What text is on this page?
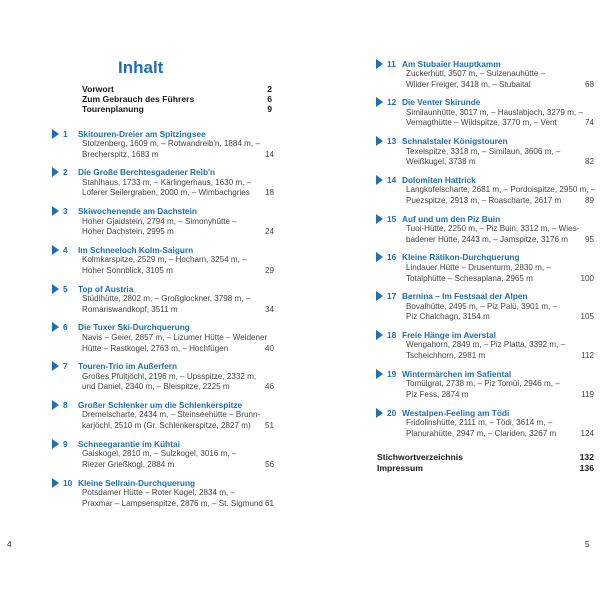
Inhalt
Vorwort	2
Zum Gebrauch des Führers	6
Tourenplanung	9
1	Skitouren-Dreier am Spitzingsee
Stolzenberg, 1609 m, – Rotwandreib'n, 1884 m, –
Brecherspitz, 1683 m	14
2	Die Große Berchtesgadener Reib'n
Stahlhaus, 1733 m, – Kärlingerhaus, 1630 m, –
Loferer Seilergraben, 2000 m, – Wimbachgries	18
3	Skiwochenende am Dachstein
Hoher Gjaidstein, 2794 m, – Simonyhütte –
Hoher Dachstein, 2995 m	24
4	Im Schneeloch Kolm-Saigurn
Kolmkarspitze, 2529 m, – Hocharn, 3254 m, –
Hoher Sonnblick, 3105 m	29
5	Top of Austria
Stüdlhütte, 2802 m, – Großglockner, 3798 m, –
Romariswandkopf, 3511 m	34
6	Die Tuxer Ski-Durchquerung
Navis – Geier, 2857 m, – Lizumer Hütte – Weidener
Hütte – Rastkogel, 2763 m, – Hochfügen	40
7	Touren-Trio im Außerfern
Großes Pfuitjöchl, 2196 m, – Upsspitze, 2332 m,
und Daniel, 2340 m, – Bleispitze, 2225 m	46
8	Großer Schlenker um die Schlenkerspitze
Dremelscharte, 2434 m, – Steinseehütte – Brunn-
karjöchl, 2510 m (Gr. Schlenkerspitze, 2827 m)	51
9	Schneegarantie im Kühtai
Gaiskogel, 2810 m, – Sulzkogel, 3016 m, –
Riezer Grießkogl, 2884 m	56
10 Kleine Sellrain-Durchquerung
Potsdamer Hütte – Roter Kogel, 2834 m, –
Praxmar – Lampsenspitze, 2876 m, – St. Sigmund 61
4
11 Am Stubaier Hauptkamm
Zuckerhütl, 3507 m, – Sulzenauhütte –
Wilder Freiger, 3418 m, – Stubaital	68
12 Die Venter Skirunde
Similaunhütte, 3017 m, – Hauslabjoch, 3279 m, –
Vernagthütte – Wildspitze, 3770 m, – Vent	74
13 Schnalstaler Königstouren
Texelspitze, 3318 m, – Similaun, 3606 m, –
Weißkugel, 3738 m	82
14 Dolomiten Hattrick
Langkofelscharte, 2681 m, – Pordoispitze, 2950 m, –
Puezspitze, 2913 m, – Roascharte, 2617 m	89
15 Auf und um den Piz Buin
Tuoi-Hütte, 2250 m, – Piz Buin, 3312 m, – Wies-
badener Hütte, 2443 m, – Jamspitze, 3176 m	95
16 Kleine Rätikon-Durchquerung
Lindauer Hütte – Drusenturm, 2830 m, –
Totalphütte – Schesaplana, 2965 m	100
17 Bernina – Im Festsaal der Alpen
Bovalhütte, 2495 m, – Piz Palü, 3901 m, –
Piz Chalchagn, 3154 m	105
18 Freie Hänge im Averstal
Wengahorn, 2849 m, – Piz Platta, 3392 m, –
Tscheichhorn, 2981 m	112
19 Wintermärchen im Safiental
Tomülgrat, 2738 m, – Piz Tomül, 2946 m, –
Piz Fess, 2874 m	119
20 Westalpen-Feeling am Tödi
Fridolinshütte, 2111 m, – Tödi, 3614 m, –
Planurahütte, 2947 m, – Clariden, 3267 m	124
Stichwortverzeichnis	132
Impressum	136
5
